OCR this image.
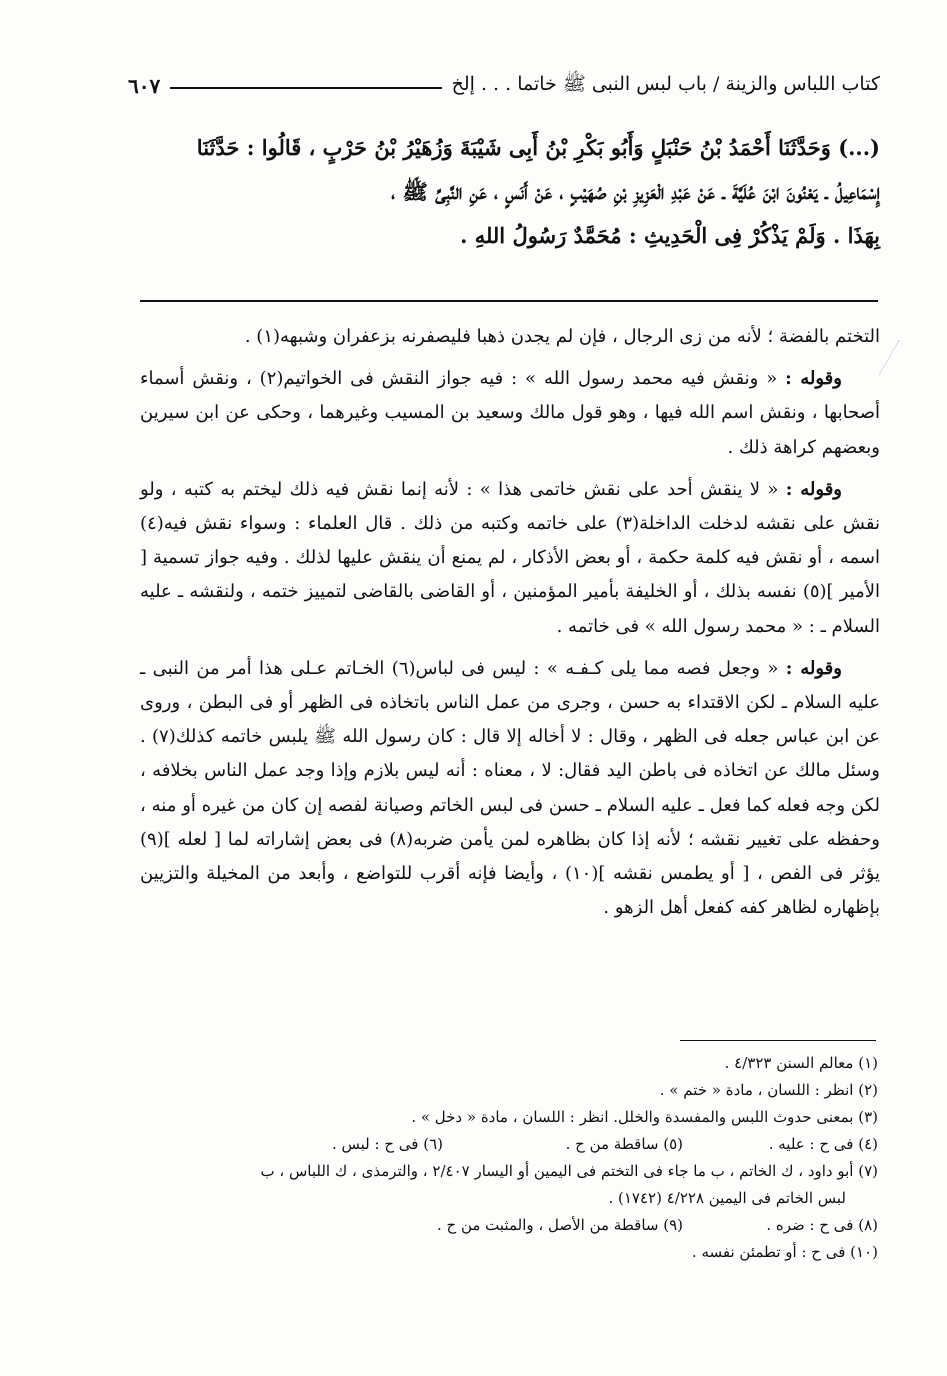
كتاب اللباس والزينة / باب لبس النبى ﷺ خاتما . . . إلخ
٦٠٧

(...) وَحَدَّثَنَا أَحْمَدُ بْنُ حَنْبَلٍ وَأَبُو بَكْرِ بْنُ أَبِى شَيْبَةَ وَزُهَيْرُ بْنُ حَرْبٍ ، قَالُوا : حَدَّثَنَا

إِسْمَاعِيلُ ـ يَعْنُونَ ابْنَ عُلَيَّةَ ـ عَنْ عَبْدِ الْعَزِيزِ بْنِ صُهَيْبٍ ، عَنْ أَنَسٍ ، عَنِ النَّبِىِّ ﷺ ،

بِهَذَا . وَلَمْ يَذْكُرْ فِى الْحَدِيثِ : مُحَمَّدٌ رَسُولُ اللهِ .

التختم بالفضة ؛ لأنه من زى الرجال ، فإن لم يجدن ذهبا فليصفرنه بزعفران وشبهه(١) .

وقوله : « ونقش فيه محمد رسول الله » : فيه جواز النقش فى الخواتيم(٢) ، ونقش أسماء أصحابها ، ونقش اسم الله فيها ، وهو قول مالك وسعيد بن المسيب وغيرهما ، وحكى عن ابن سيرين وبعضهم كراهة ذلك .

وقوله : « لا ينقش أحد على نقش خاتمى هذا » : لأنه إنما نقش فيه ذلك ليختم به كتبه ، ولو نقش على نقشه لدخلت الداخلة(٣) على خاتمه وكتبه من ذلك . قال العلماء : وسواء نقش فيه(٤) اسمه ، أو نقش فيه كلمة حكمة ، أو بعض الأذكار ، لم يمنع أن ينقش عليها لذلك . وفيه جواز تسمية [ الأمير ](٥) نفسه بذلك ، أو الخليفة بأمير المؤمنين ، أو القاضى بالقاضى لتمييز ختمه ، ولنقشه ـ عليه السلام ـ : « محمد رسول الله » فى خاتمه .

وقوله : « وجعل فصه مما يلى كـفـه » : ليس فى لباس(٦) الخـاتم عـلى هذا أمر من النبى ـ عليه السلام ـ لكن الاقتداء به حسن ، وجرى من عمل الناس باتخاذه فى الظهر أو فى البطن ، وروى عن ابن عباس جعله فى الظهر ، وقال : لا أخاله إلا قال : كان رسول الله ﷺ يلبس خاتمه كذلك(٧) . وسئل مالك عن اتخاذه فى باطن اليد فقال: لا ، معناه : أنه ليس بلازم وإذا وجد عمل الناس بخلافه ، لكن وجه فعله كما فعل ـ عليه السلام ـ حسن فى لبس الخاتم وصيانة لفصه إن كان من غيره أو منه ، وحفظه على تغيير نقشه ؛ لأنه إذا كان بظاهره لمن يأمن ضربه(٨) فى بعض إشاراته لما [ لعله ](٩) يؤثر فى الفص ، [ أو يطمس نقشه ](١٠) ، وأيضا فإنه أقرب للتواضع ، وأبعد من المخيلة والتزيين بإظهاره لظاهر كفه كفعل أهل الزهو .

(١) معالم السنن ٤/٣٢٣ .
(٢) انظر : اللسان ، مادة « ختم » .
(٣) بمعنى حدوث اللبس والمفسدة والخلل. انظر : اللسان ، مادة « دخل » .
(٤) فى ح : عليه .
(٥) ساقطة من ح .
(٦) فى ح : لبس .
(٧) أبو داود ، ك الخاتم ، ب ما جاء فى التختم فى اليمين أو اليسار ٢/٤٠٧ ، والترمذى ، ك اللباس ، ب
لبس الخاتم فى اليمين ٤/٢٢٨ (١٧٤٢) .
(٨) فى ح : ضره .
(٩) ساقطة من الأصل ، والمثبت من ح .
(١٠) فى ح : أو تطمئن نفسه .
